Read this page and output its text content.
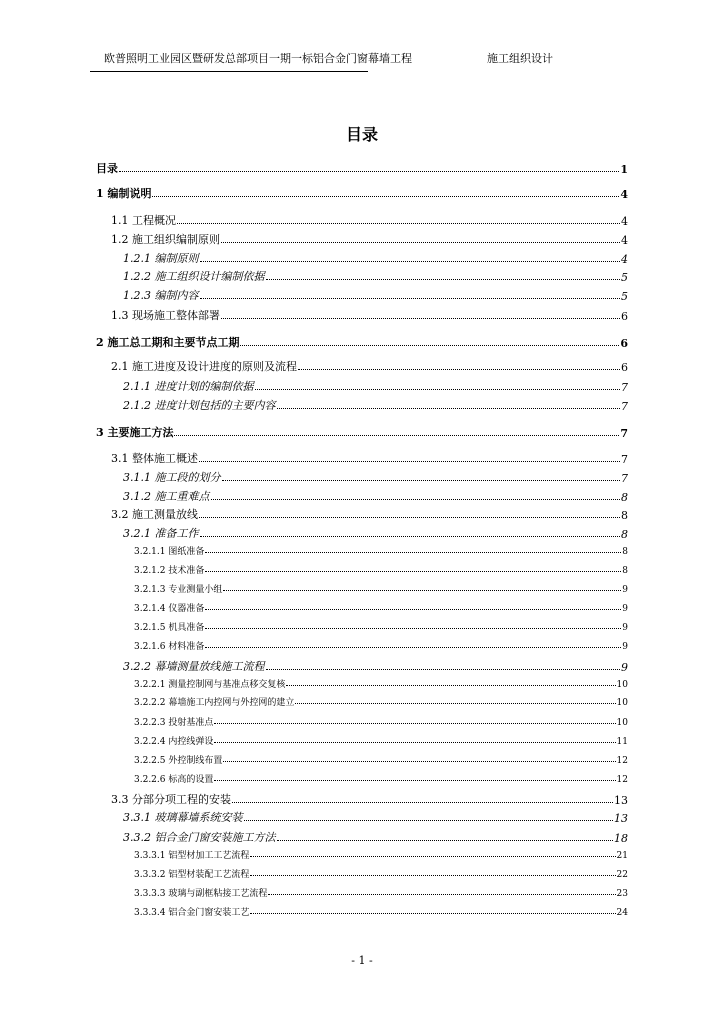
欧普照明工业园区暨研发总部项目一期一标铝合金门窗幕墙工程	施工组织设计
目录
目录	1
1 编制说明	4
1.1 工程概况	4
1.2 施工组织编制原则	4
1.2.1 编制原则	4
1.2.2 施工组织设计编制依据	5
1.2.3 编制内容	5
1.3 现场施工整体部署	6
2 施工总工期和主要节点工期	6
2.1 施工进度及设计进度的原则及流程	6
2.1.1 进度计划的编制依据	7
2.1.2 进度计划包括的主要内容	7
3 主要施工方法	7
3.1 整体施工概述	7
3.1.1 施工段的划分	7
3.1.2 施工重难点	8
3.2 施工测量放线	8
3.2.1 准备工作	8
3.2.1.1 图纸准备	8
3.2.1.2 技术准备	8
3.2.1.3 专业测量小组	9
3.2.1.4 仪器准备	9
3.2.1.5 机具准备	9
3.2.1.6 材料准备	9
3.2.2 幕墙测量放线施工流程	9
3.2.2.1 测量控制网与基准点移交复核	10
3.2.2.2 幕墙施工内控网与外控网的建立	10
3.2.2.3 投射基准点	10
3.2.2.4 内控线弹设	11
3.2.2.5 外控制线布置	12
3.2.2.6 标高的设置	12
3.3 分部分项工程的安装	13
3.3.1 玻璃幕墙系统安装	13
3.3.2 铝合金门窗安装施工方法	18
3.3.3.1 铝型材加工工艺流程	21
3.3.3.2 铝型材装配工艺流程	22
3.3.3.3 玻璃与副框粘接工艺流程	23
3.3.3.4 铝合金门窗安装工艺	24
- 1 -
